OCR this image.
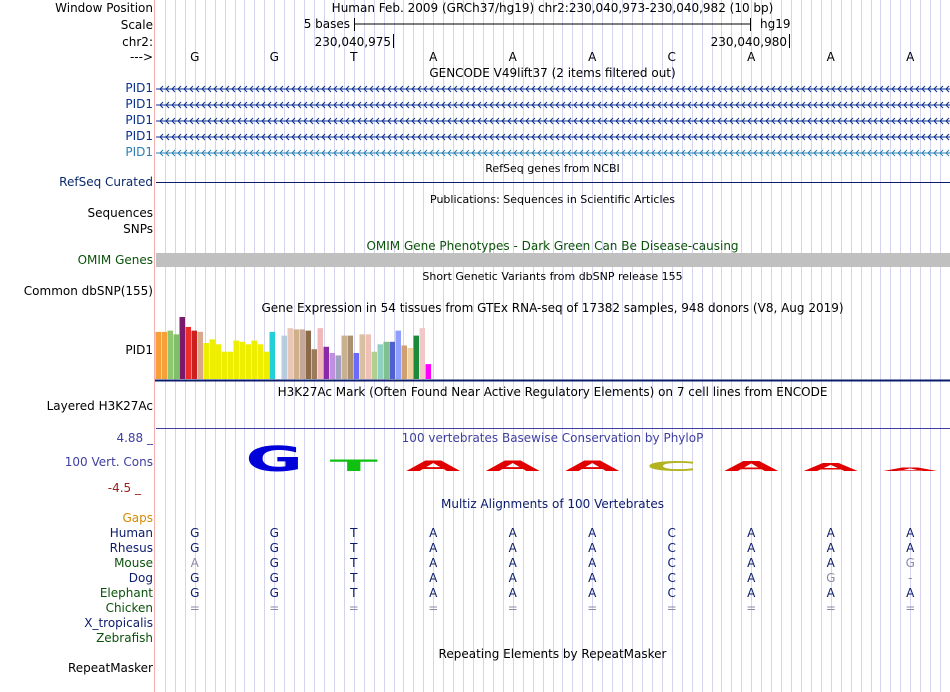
Window Position	Human Feb. 2009 (GRCh37/hg19) chr2:230,040,973-230,040,982 (10 bp)
Scale	5 bases	hg19
chr2:	230,040,975	230,040,980
--->	G	G	T	A	A	A	C	A	A	A
GENCODE V49lift37 (2 items filtered out)
PID1
PID1
PID1
PID1
PID1
RefSeq genes from NCBI
RefSeq Curated
Publications: Sequences in Scientific Articles
Sequences
SNPs
OMIM Gene Phenotypes - Dark Green Can Be Disease-causing
OMIM Genes
Short Genetic Variants from dbSNP release 155
Common dbSNP(155)
Gene Expression in 54 tissues from GTEx RNA-seq of 17382 samples, 948 donors (V8, Aug 2019)
PID1
H3K27Ac Mark (Often Found Near Active Regulatory Elements) on 7 cell lines from ENCODE
Layered H3K27Ac
100 vertebrates Basewise Conservation by PhyloP
4.88 _
100 Vert. Cons
-4.5 _
G T A A A C A A A
Multiz Alignments of 100 Vertebrates
Gaps
Human	G	G	T	A	A	A	C	A	A	A
Rhesus	G	G	T	A	A	A	C	A	A	A
Mouse	A	G	T	A	A	A	C	A	A	G
Dog	G	G	T	A	A	A	C	A	G	-
Elephant	G	G	T	A	A	A	C	A	A	A
Chicken	=	=	=	=	=	=	=	=	=	=
X_tropicalis
Zebrafish
Repeating Elements by RepeatMasker
RepeatMasker
